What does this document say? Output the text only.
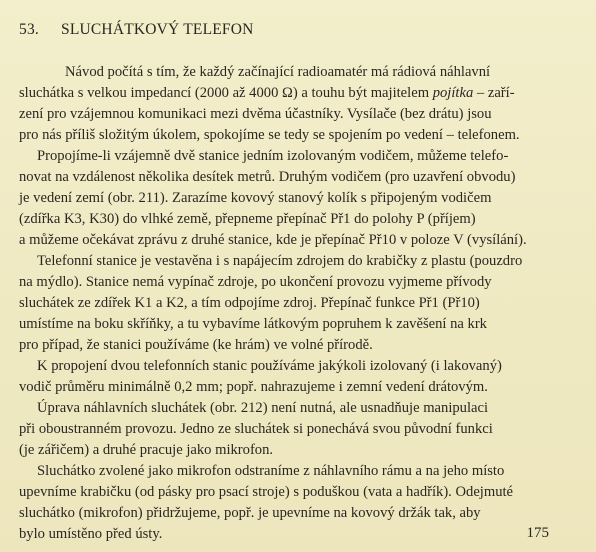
53. SLUCHÁTKOVÝ TELEFON
Návod počítá s tím, že každý začínající radioamatér má rádiová náhlavní
sluchátka s velkou impedancí (2000 až 4000 Ω) a touhu být majitelem pojítka – zaří-
zení pro vzájemnou komunikaci mezi dvěma účastníky. Vysílače (bez drátu) jsou
pro nás příliš složitým úkolem, spokojíme se tedy se spojením po vedení – telefonem.
Propojíme-li vzájemně dvě stanice jedním izolovaným vodičem, můžeme telefo-
novat na vzdálenost několika desítek metrů. Druhým vodičem (pro uzavření obvodu)
je vedení zemí (obr. 211). Zarazíme kovový stanový kolík s připojeným vodičem
(zdířka K3, K30) do vlhké země, přepneme přepínač Př1 do polohy P (příjem)
a můžeme očekávat zprávu z druhé stanice, kde je přepínač Př10 v poloze V (vysílání).
Telefonní stanice je vestavěna i s napájecím zdrojem do krabičky z plastu (pouzdro
na mýdlo). Stanice nemá vypínač zdroje, po ukončení provozu vyjmeme přívody
sluchátek ze zdířek K1 a K2, a tím odpojíme zdroj. Přepínač funkce Př1 (Př10)
umístíme na boku skříňky, a tu vybavíme látkovým popruhem k zavěšení na krk
pro případ, že stanici používáme (ke hrám) ve volné přírodě.
K propojení dvou telefonních stanic používáme jakýkoli izolovaný (i lakovaný)
vodič průměru minimálně 0,2 mm; popř. nahrazujeme i zemní vedení drátovým.
Úprava náhlavních sluchátek (obr. 212) není nutná, ale usnadňuje manipulaci
při oboustranném provozu. Jedno ze sluchátek si ponechává svou původní funkci
(je zářičem) a druhé pracuje jako mikrofon.
Sluchátko zvolené jako mikrofon odstraníme z náhlavního rámu a na jeho místo
upevníme krabičku (od pásky pro psací stroje) s poduškou (vata a hadřík). Odejmuté
sluchátko (mikrofon) přidržujeme, popř. je upevníme na kovový držák tak, aby
bylo umístěno před ústy.	175
